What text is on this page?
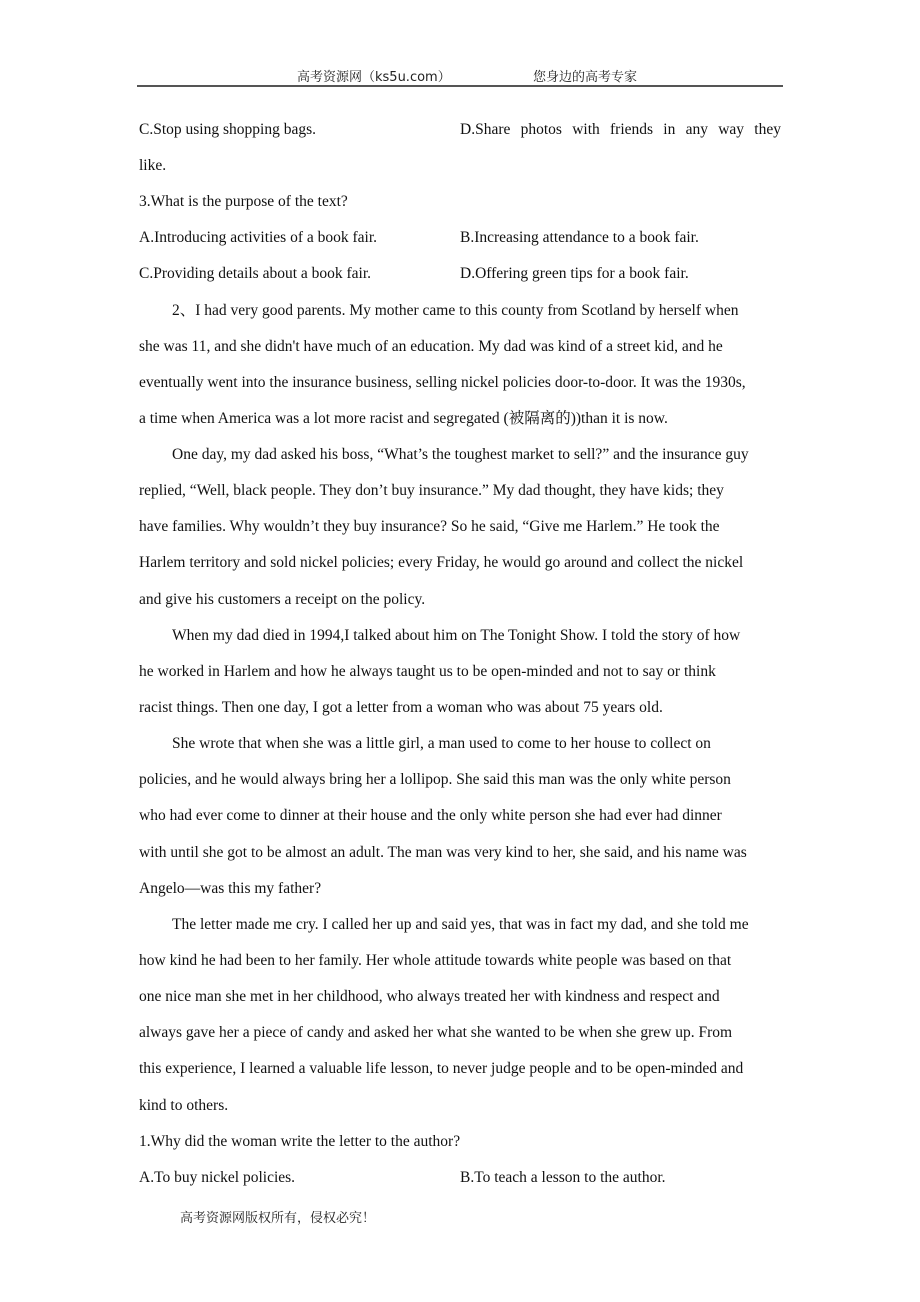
高考资源网（ks5u.com）	您身边的高考专家
C.Stop using shopping bags.	D.Share photos with friends in any way they
like.
3.What is the purpose of the text?
A.Introducing activities of a book fair.	B.Increasing attendance to a book fair.
C.Providing details about a book fair.	D.Offering green tips for a book fair.
2、I had very good parents. My mother came to this county from Scotland by herself when
she was 11, and she didn't have much of an education. My dad was kind of a street kid, and he
eventually went into the insurance business, selling nickel policies door-to-door. It was the 1930s,
a time when America was a lot more racist and segregated (被隔离的))than it is now.
One day, my dad asked his boss, “What’s the toughest market to sell?” and the insurance guy
replied, “Well, black people. They don’t buy insurance.” My dad thought, they have kids; they
have families. Why wouldn’t they buy insurance? So he said, “Give me Harlem.” He took the
Harlem territory and sold nickel policies; every Friday, he would go around and collect the nickel
and give his customers a receipt on the policy.
When my dad died in 1994,I talked about him on The Tonight Show. I told the story of how
he worked in Harlem and how he always taught us to be open-minded and not to say or think
racist things. Then one day, I got a letter from a woman who was about 75 years old.
She wrote that when she was a little girl, a man used to come to her house to collect on
policies, and he would always bring her a lollipop. She said this man was the only white person
who had ever come to dinner at their house and the only white person she had ever had dinner
with until she got to be almost an adult. The man was very kind to her, she said, and his name was
Angelo—was this my father?
The letter made me cry. I called her up and said yes, that was in fact my dad, and she told me
how kind he had been to her family. Her whole attitude towards white people was based on that
one nice man she met in her childhood, who always treated her with kindness and respect and
always gave her a piece of candy and asked her what she wanted to be when she grew up. From
this experience, I learned a valuable life lesson, to never judge people and to be open-minded and
kind to others.
1.Why did the woman write the letter to the author?
A.To buy nickel policies.	B.To teach a lesson to the author.
高考资源网版权所有，侵权必究！
